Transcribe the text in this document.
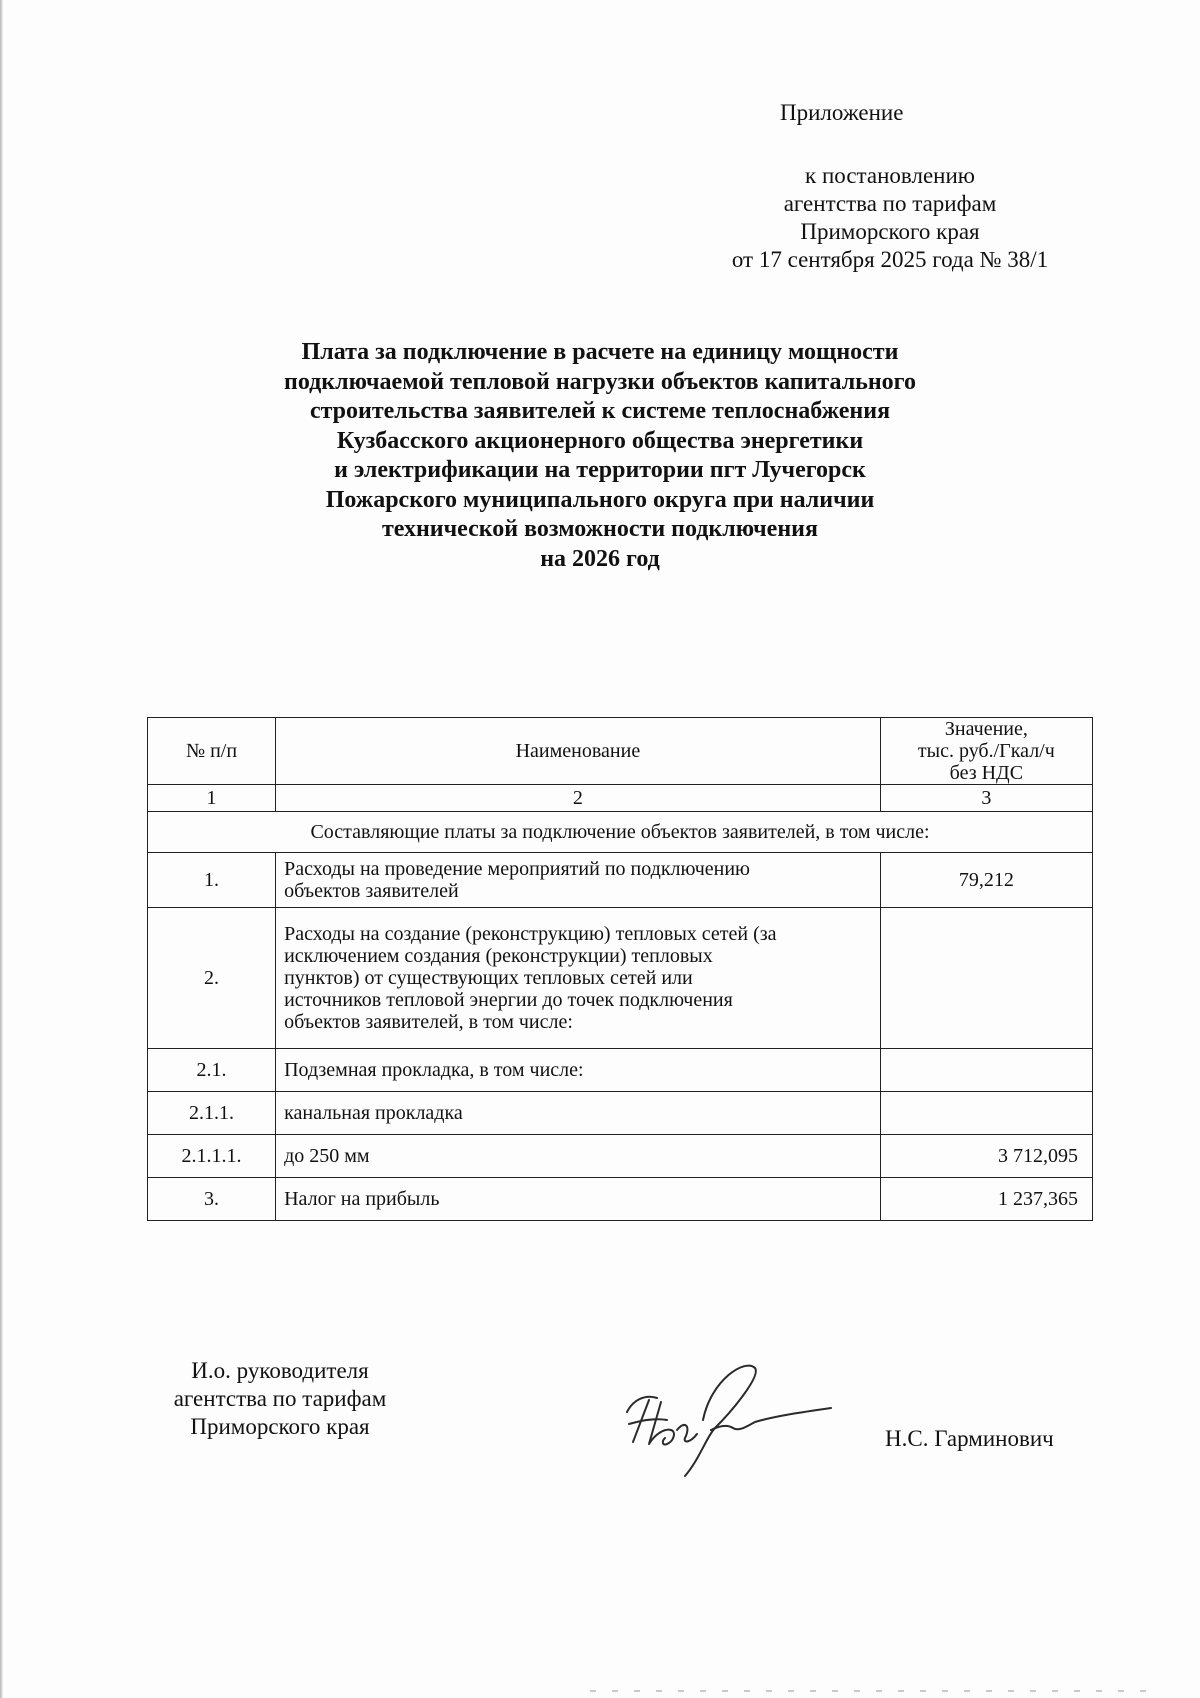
Приложение
к постановлению
агентства по тарифам
Приморского края
от 17 сентября 2025 года № 38/1
Плата за подключение в расчете на единицу мощности
подключаемой тепловой нагрузки объектов капитального
строительства заявителей к системе теплоснабжения
Кузбасского акционерного общества энергетики
и электрификации на территории пгт Лучегорск
Пожарского муниципального округа при наличии
технической возможности подключения
на 2026 год
№ п/п	Наименование	Значение,
тыс. руб./Гкал/ч
без НДС

1	2	3
Составляющие платы за подключение объектов заявителей, в том числе:		
1.	Расходы на проведение мероприятий по подключению
объектов заявителей	79,212
2.	Расходы на создание (реконструкцию) тепловых сетей (за
исключением создания (реконструкции) тепловых
пунктов) от существующих тепловых сетей или
источников тепловой энергии до точек подключения
объектов заявителей, в том числе:	

2.1.	Подземная прокладка, в том числе:	
2.1.1.	канальная прокладка	
2.1.1.1.	до 250 мм	3 712,095
3.	Налог на прибыль	1 237,365
И.о. руководителя
агентства по тарифам
Приморского края	Н.С. Гарминович
